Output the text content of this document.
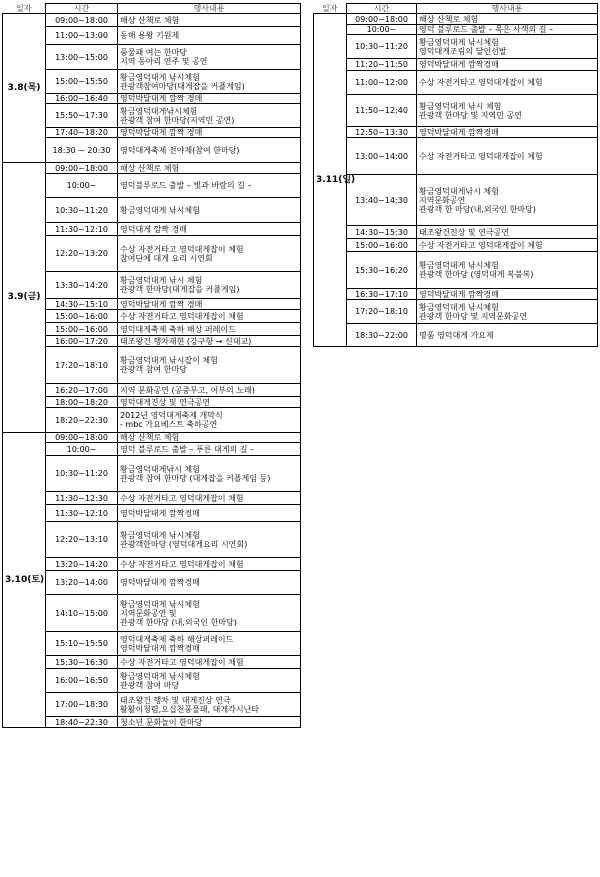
일자	시간	행사내용
3.8(목)	09:00~18:00	해상 산책로 체험

	11:00~13:00	동해 용왕 기원제

	13:00~15:00	풍물패 여는 한마당
지역 동아리 연주 및 공연

	15:00~15:50	황금영덕대게 낚시체험
관광객참여마당(대게잡을 커플게임)

	16:00~16:40	영덕박달대게 깜짝 경매

	15:50~17:30	황금영덕대게낚시체험
관광객 참여 한마당(지역민 공연)

	17:40~18:20	영덕박달대게 깜짝 경매

	18:30 ~ 20:30	영덕대게축제 전야제(참여 한마당)

3.9(금)	09:00~18:00	해상 산책로 체험

	10:00~	영덕블루로드 출발 – 빛과 바람의 길 –

	10:30~11:20	황금영덕대게 낚시체험

	11:30~12:10	영덕대게 깜짝 경매

	12:20~13:20	수상 자전거타고 영덕대게잡이 체험
참여단체 대게 요리 시연회

	13:30~14:20	황금영덕대게 낚시 체험
관광객 한마당(대게잡을 커플게임)

	14:30~15:10	영덕박달대게 깜짝 경매

	15:00~16:00	수상 자전거타고 영덕대게잡이 체험

	15:00~16:00	영덕대게축제 축하 해상 퍼레이드

	16:00~17:20	태조왕건 행차재현 (강구항 → 신대교)

	17:20~18:10	황금영덕대게 낚시잡이 체험
관광객 참여 한마당

	16:20~17:00	지역 문화공연 (공중무고, 어부의 노래)

	18:00~18:20	영덕대게진상 및 연극공연

	18:20~22:30	2012년 영덕대게축제 개막식
- mbc 가요베스트 축하공연

3.10(토)	09:00~18:00	해상 산책로 체험

	10:00~	영덕 블루로드 출발 – 푸른 대게의 길 –

	10:30~11:20	황금영덕대게낚시 체험
관광객 참여 한마당 (대게잡을 커플게임 등)

	11:30~12:30	수상 자전거타고 영덕대게잡이 체험

	11:30~12:10	영덕박달대게 깜짝경매

	12:20~13:10	황금영덕대게 낚시체험
관광객한마당 (영덕대게요리 시연회)

	13:20~14:20	수상 자전거타고 영덕대게잡이 체험

	13:20~14:00	영덕박달대게 깜짝경매

	14:10~15:00	황금영덕대게 낚시체험
지역문화공연 및
관광객 한마당 (내,외국인 한마당)

	15:10~15:50	영덕대게축제 축하 해상퍼레이드
영덕박달대게 깜짝경매

	15:30~16:30	수상 자전거타고 영덕대게잡이 체험

	16:00~16:50	황금영덕대게 낚시체험
관광객 참여 마당

	17:00~18:30	태조왕건 행차 및 대게진상 연극
활활이청렴,오십천풍물패, 대게각시난타

	18:40~22:30	청소년 문화놀이 한마당
일자	시간	행사내용
3.11(일)	09:00~18:00	해상 산책로 체험

	10:00~	영덕 블루로드 출발 – 목은 사색의 길 –

	10:30~11:20	황금영덕대게 낚시체험
영덕대게조림의 달인선발

	11:20~11:50	영덕박달대게 깜짝경매

	11:00~12:00	수상 자전거타고 영덕대게잡이 체험

	11:50~12:40	황금영덕대게 낚시 체험
관광객 한마당 및 지역민 공연

	12:50~13:30	영덕박달대게 깜짝경매

	13:00~14:00	수상 자전거타고 영덕대게잡이 체험

	13:40~14:30	황금영덕대게낚시 체험
지역문화공연
관광객 한 마당(내,외국인 한마당)

	14:30~15:30	태조왕건진상 및 연극공연

	15:00~16:00	수상 자전거타고 영덕대게잡이 체험

	15:30~16:20	황금영덕대게 낚시체험
관광객 한마당 (영덕대게 복불복)

	16:30~17:10	영덕박달대게 깜짝경매

	17:20~18:10	황금영덕대게 낚시체험
관광객 한마당 및 지역문화공연

	18:30~22:00	명품 영덕대게 가요제
